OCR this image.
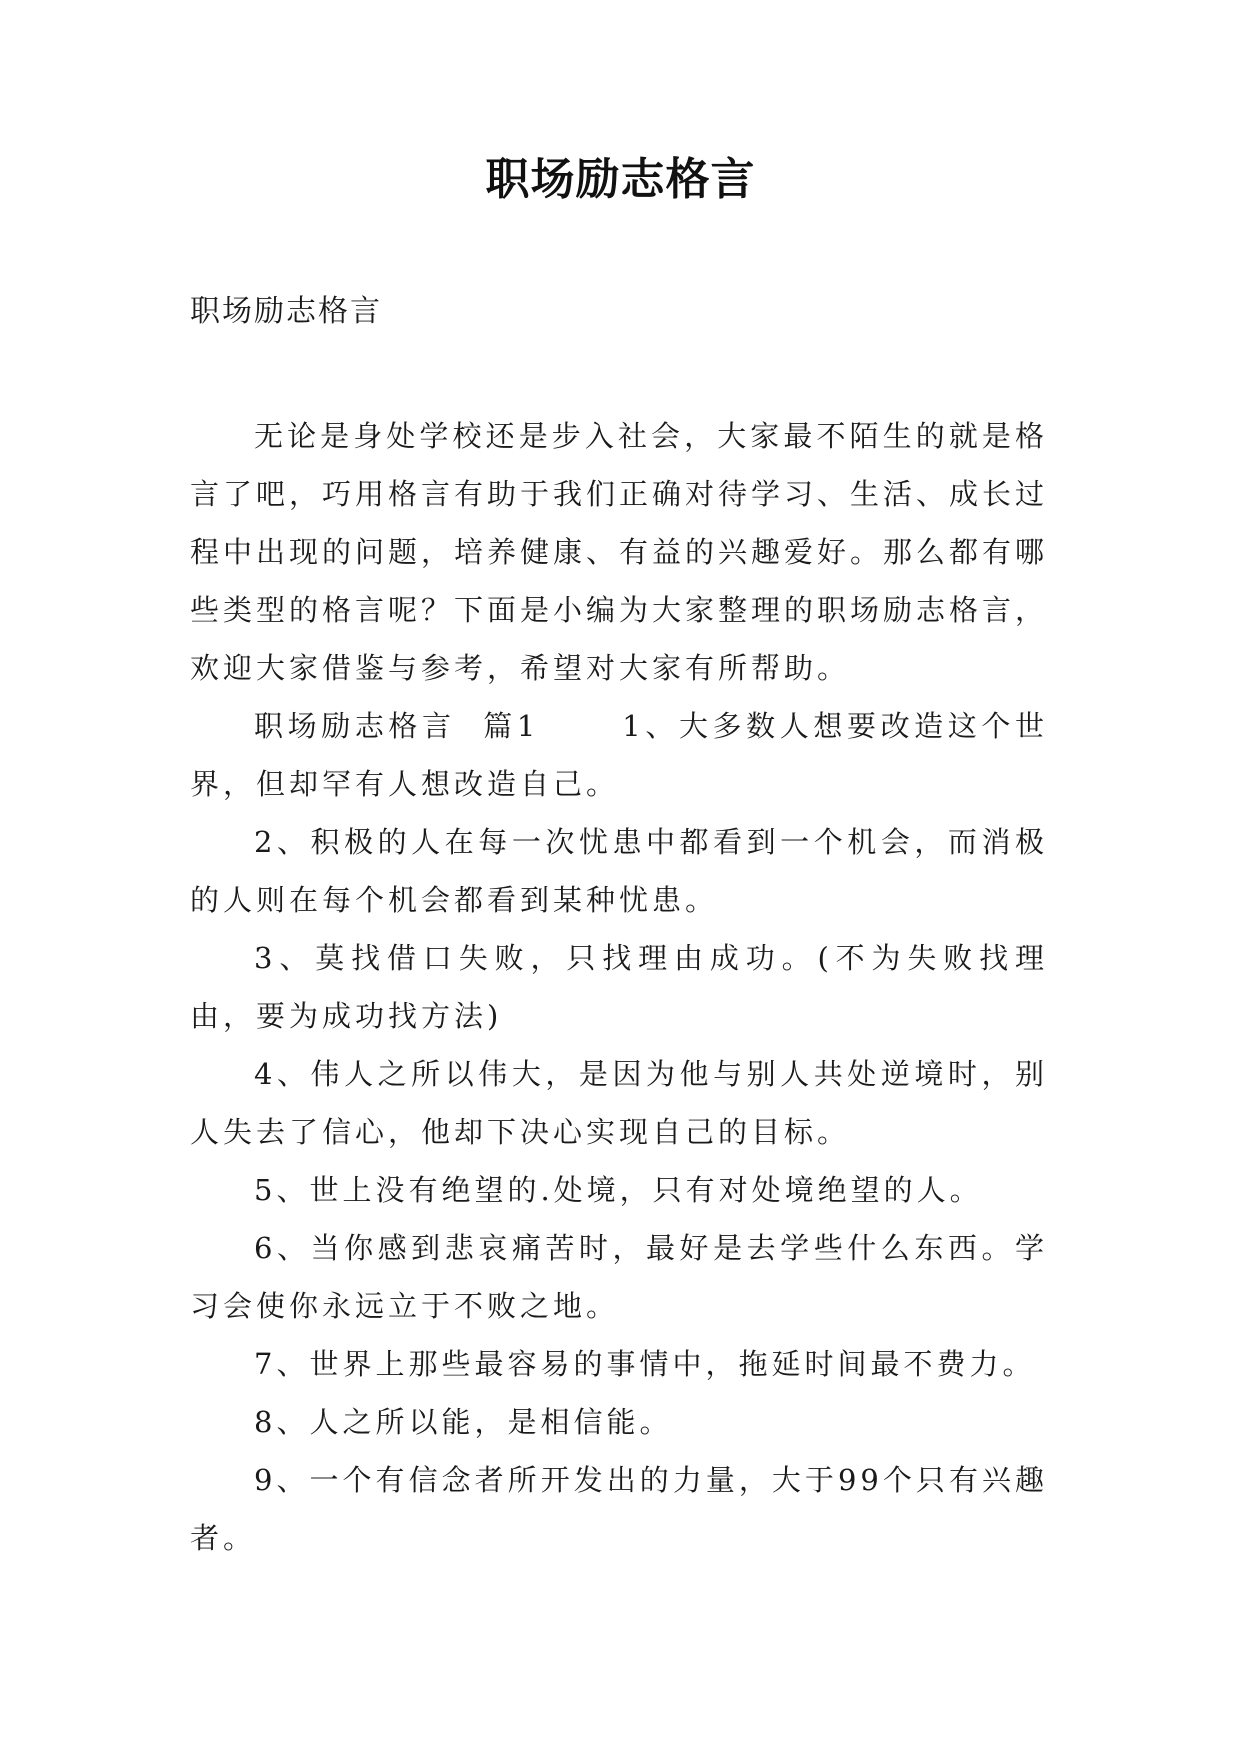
职场励志格言
职场励志格言

无论是身处学校还是步入社会，大家最不陌生的就是格言了吧，巧用格言有助于我们正确对待学习、生活、成长过程中出现的问题，培养健康、有益的兴趣爱好。那么都有哪些类型的格言呢？下面是小编为大家整理的职场励志格言，欢迎大家借鉴与参考，希望对大家有所帮助。

职场励志格言  篇1      1、大多数人想要改造这个世界，但却罕有人想改造自己。

2、积极的人在每一次忧患中都看到一个机会，而消极的人则在每个机会都看到某种忧患。

3、莫找借口失败，只找理由成功。(不为失败找理由，要为成功找方法)

4、伟人之所以伟大，是因为他与别人共处逆境时，别人失去了信心，他却下决心实现自己的目标。

5、世上没有绝望的.处境，只有对处境绝望的人。

6、当你感到悲哀痛苦时，最好是去学些什么东西。学习会使你永远立于不败之地。

7、世界上那些最容易的事情中，拖延时间最不费力。

8、人之所以能，是相信能。

9、一个有信念者所开发出的力量，大于99个只有兴趣者。
